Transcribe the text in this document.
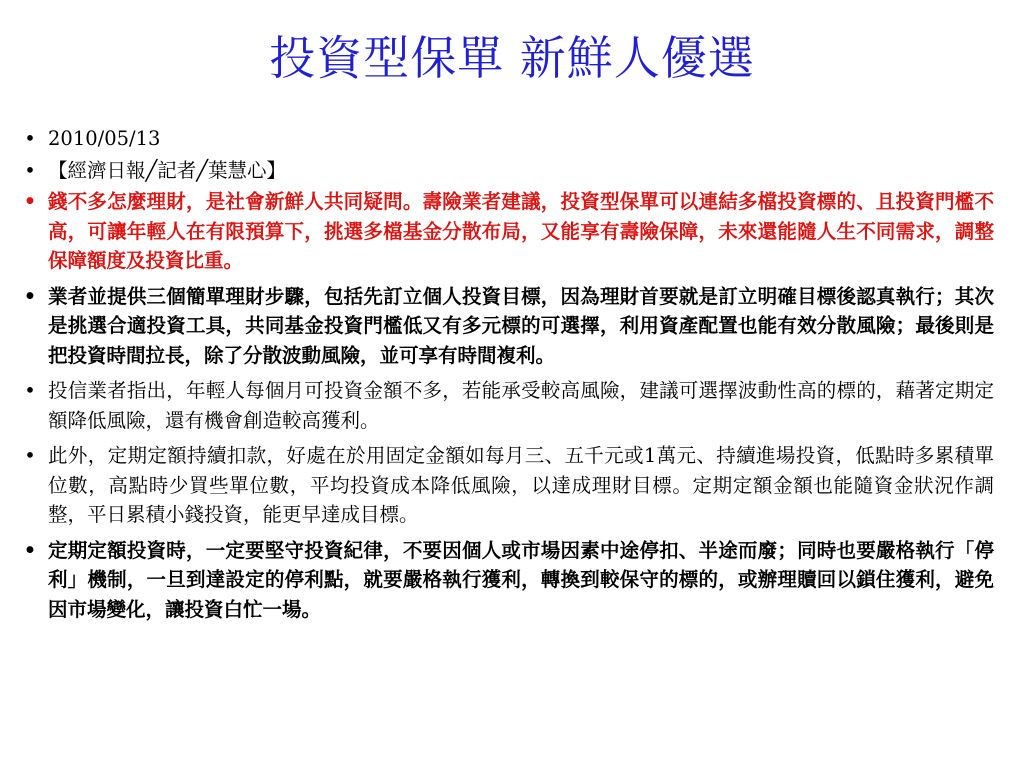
投資型保單 新鮮人優選
• 2010/05/13
• 【經濟日報╱記者╱葉慧心】
• 錢不多怎麼理財，是社會新鮮人共同疑問。壽險業者建議，投資型保單可以連結多檔投資標的、且投資門檻不高，可讓年輕人在有限預算下，挑選多檔基金分散布局，又能享有壽險保障，未來還能隨人生不同需求，調整保障額度及投資比重。
• 業者並提供三個簡單理財步驟，包括先訂立個人投資目標，因為理財首要就是訂立明確目標後認真執行；其次是挑選合適投資工具，共同基金投資門檻低又有多元標的可選擇，利用資產配置也能有效分散風險；最後則是把投資時間拉長，除了分散波動風險，並可享有時間複利。
• 投信業者指出，年輕人每個月可投資金額不多，若能承受較高風險，建議可選擇波動性高的標的，藉著定期定額降低風險，還有機會創造較高獲利。
• 此外，定期定額持續扣款，好處在於用固定金額如每月三、五千元或1萬元、持續進場投資，低點時多累積單位數，高點時少買些單位數，平均投資成本降低風險，以達成理財目標。定期定額金額也能隨資金狀況作調整，平日累積小錢投資，能更早達成目標。
• 定期定額投資時，一定要堅守投資紀律，不要因個人或市場因素中途停扣、半途而廢；同時也要嚴格執行「停利」機制，一旦到達設定的停利點，就要嚴格執行獲利，轉換到較保守的標的，或辦理贖回以鎖住獲利，避免因市場變化，讓投資白忙一場。
